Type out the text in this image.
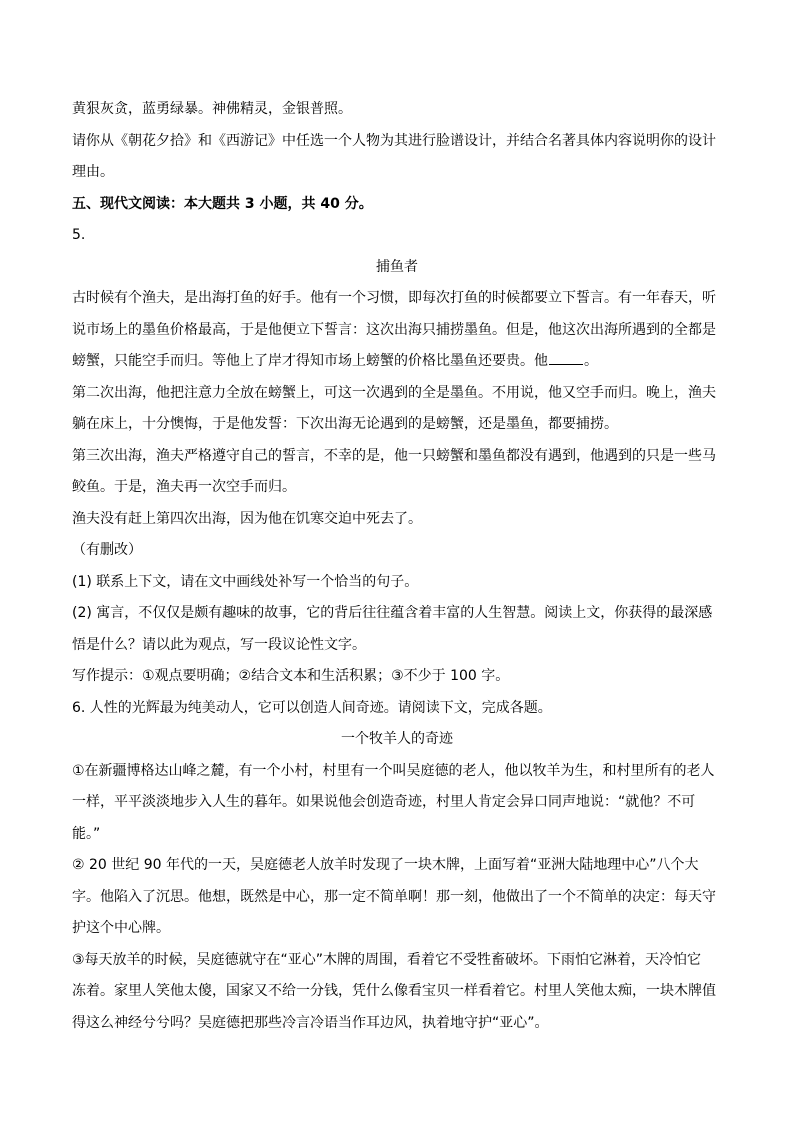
黄狠灰贪，蓝勇绿暴。神佛精灵，金银普照。

请你从《朝花夕拾》和《西游记》中任选一个人物为其进行脸谱设计，并结合名著具体内容说明你的设计

理由。

五、现代文阅读：本大题共 3 小题，共 40 分。

5.

捕鱼者

古时候有个渔夫，是出海打鱼的好手。他有一个习惯，即每次打鱼的时候都要立下誓言。有一年春天，听

说市场上的墨鱼价格最高，于是他便立下誓言：这次出海只捕捞墨鱼。但是，他这次出海所遇到的全都是

螃蟹，只能空手而归。等他上了岸才得知市场上螃蟹的价格比墨鱼还要贵。他	。

第二次出海，他把注意力全放在螃蟹上，可这一次遇到的全是墨鱼。不用说，他又空手而归。晚上，渔夫

躺在床上，十分懊悔，于是他发誓：下次出海无论遇到的是螃蟹，还是墨鱼，都要捕捞。

第三次出海，渔夫严格遵守自己的誓言，不幸的是，他一只螃蟹和墨鱼都没有遇到，他遇到的只是一些马

鲛鱼。于是，渔夫再一次空手而归。

渔夫没有赶上第四次出海，因为他在饥寒交迫中死去了。

（有删改）

(1) 联系上下文，请在文中画线处补写一个恰当的句子。

(2) 寓言，不仅仅是颇有趣味的故事，它的背后往往蕴含着丰富的人生智慧。阅读上文，你获得的最深感

悟是什么？请以此为观点，写一段议论性文字。

写作提示：①观点要明确；②结合文本和生活积累；③不少于 100 字。

6. 人性的光辉最为纯美动人，它可以创造人间奇迹。请阅读下文，完成各题。

一个牧羊人的奇迹

①在新疆博格达山峰之麓，有一个小村，村里有一个叫吴庭德的老人，他以牧羊为生，和村里所有的老人

一样，平平淡淡地步入人生的暮年。如果说他会创造奇迹，村里人肯定会异口同声地说：“就他？不可

能。”

② 20 世纪 90 年代的一天，吴庭德老人放羊时发现了一块木牌，上面写着“亚洲大陆地理中心”八个大

字。他陷入了沉思。他想，既然是中心，那一定不简单啊！那一刻，他做出了一个不简单的决定：每天守

护这个中心牌。

③每天放羊的时候，吴庭德就守在“亚心”木牌的周围，看着它不受牲畜破坏。下雨怕它淋着，天冷怕它

冻着。家里人笑他太傻，国家又不给一分钱，凭什么像看宝贝一样看着它。村里人笑他太痴，一块木牌值

得这么神经兮兮吗？吴庭德把那些冷言冷语当作耳边风，执着地守护“亚心”。
